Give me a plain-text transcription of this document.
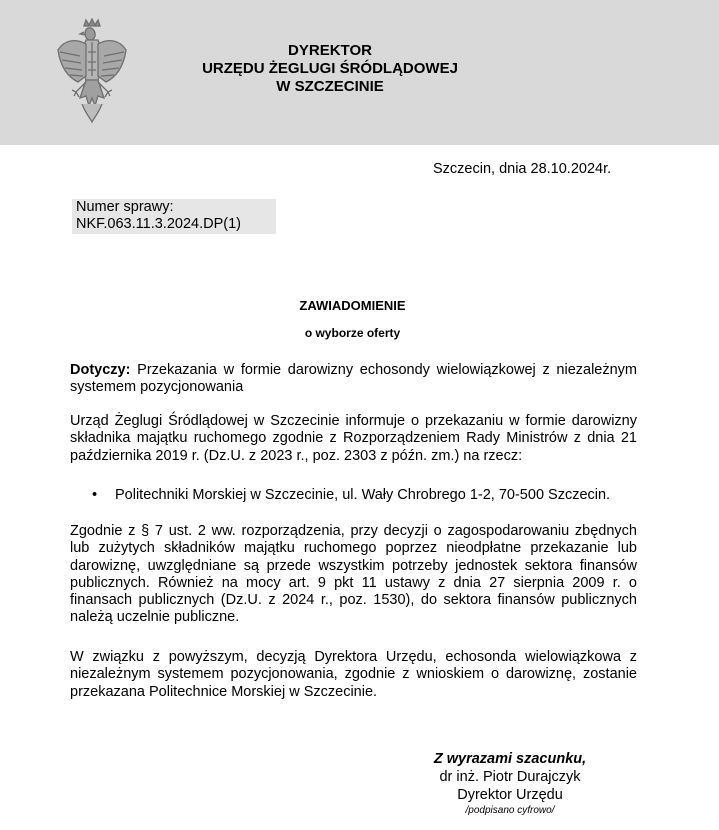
DYREKTOR
URZĘDU ŻEGLUGI ŚRÓDLĄDOWEJ
W SZCZECINIE
Szczecin, dnia 28.10.2024r.
Numer sprawy:
NKF.063.11.3.2024.DP(1)
ZAWIADOMIENIE
o wyborze oferty

Dotyczy: Przekazania w formie darowizny echosondy wielowiązkowej z niezależnym systemem pozycjonowania

Urząd Żeglugi Śródlądowej w Szczecinie informuje o przekazaniu w formie darowizny składnika majątku ruchomego zgodnie z Rozporządzeniem Rady Ministrów z dnia 21 października 2019 r. (Dz.U. z 2023 r., poz. 2303 z późn. zm.) na rzecz:

• Politechniki Morskiej w Szczecinie, ul. Wały Chrobrego 1-2, 70-500 Szczecin.

Zgodnie z § 7 ust. 2 ww. rozporządzenia, przy decyzji o zagospodarowaniu zbędnych lub zużytych składników majątku ruchomego poprzez nieodpłatne przekazanie lub darowiznę, uwzględniane są przede wszystkim potrzeby jednostek sektora finansów publicznych. Również na mocy art. 9 pkt 11 ustawy z dnia 27 sierpnia 2009 r. o finansach publicznych (Dz.U. z 2024 r., poz. 1530), do sektora finansów publicznych należą uczelnie publiczne.

W związku z powyższym, decyzją Dyrektora Urzędu, echosonda wielowiązkowa z niezależnym systemem pozycjonowania, zgodnie z wnioskiem o darowiznę, zostanie przekazana Politechnice Morskiej w Szczecinie.

Z wyrazami szacunku,
dr inż. Piotr Durajczyk
Dyrektor Urzędu
/podpisano cyfrowo/
